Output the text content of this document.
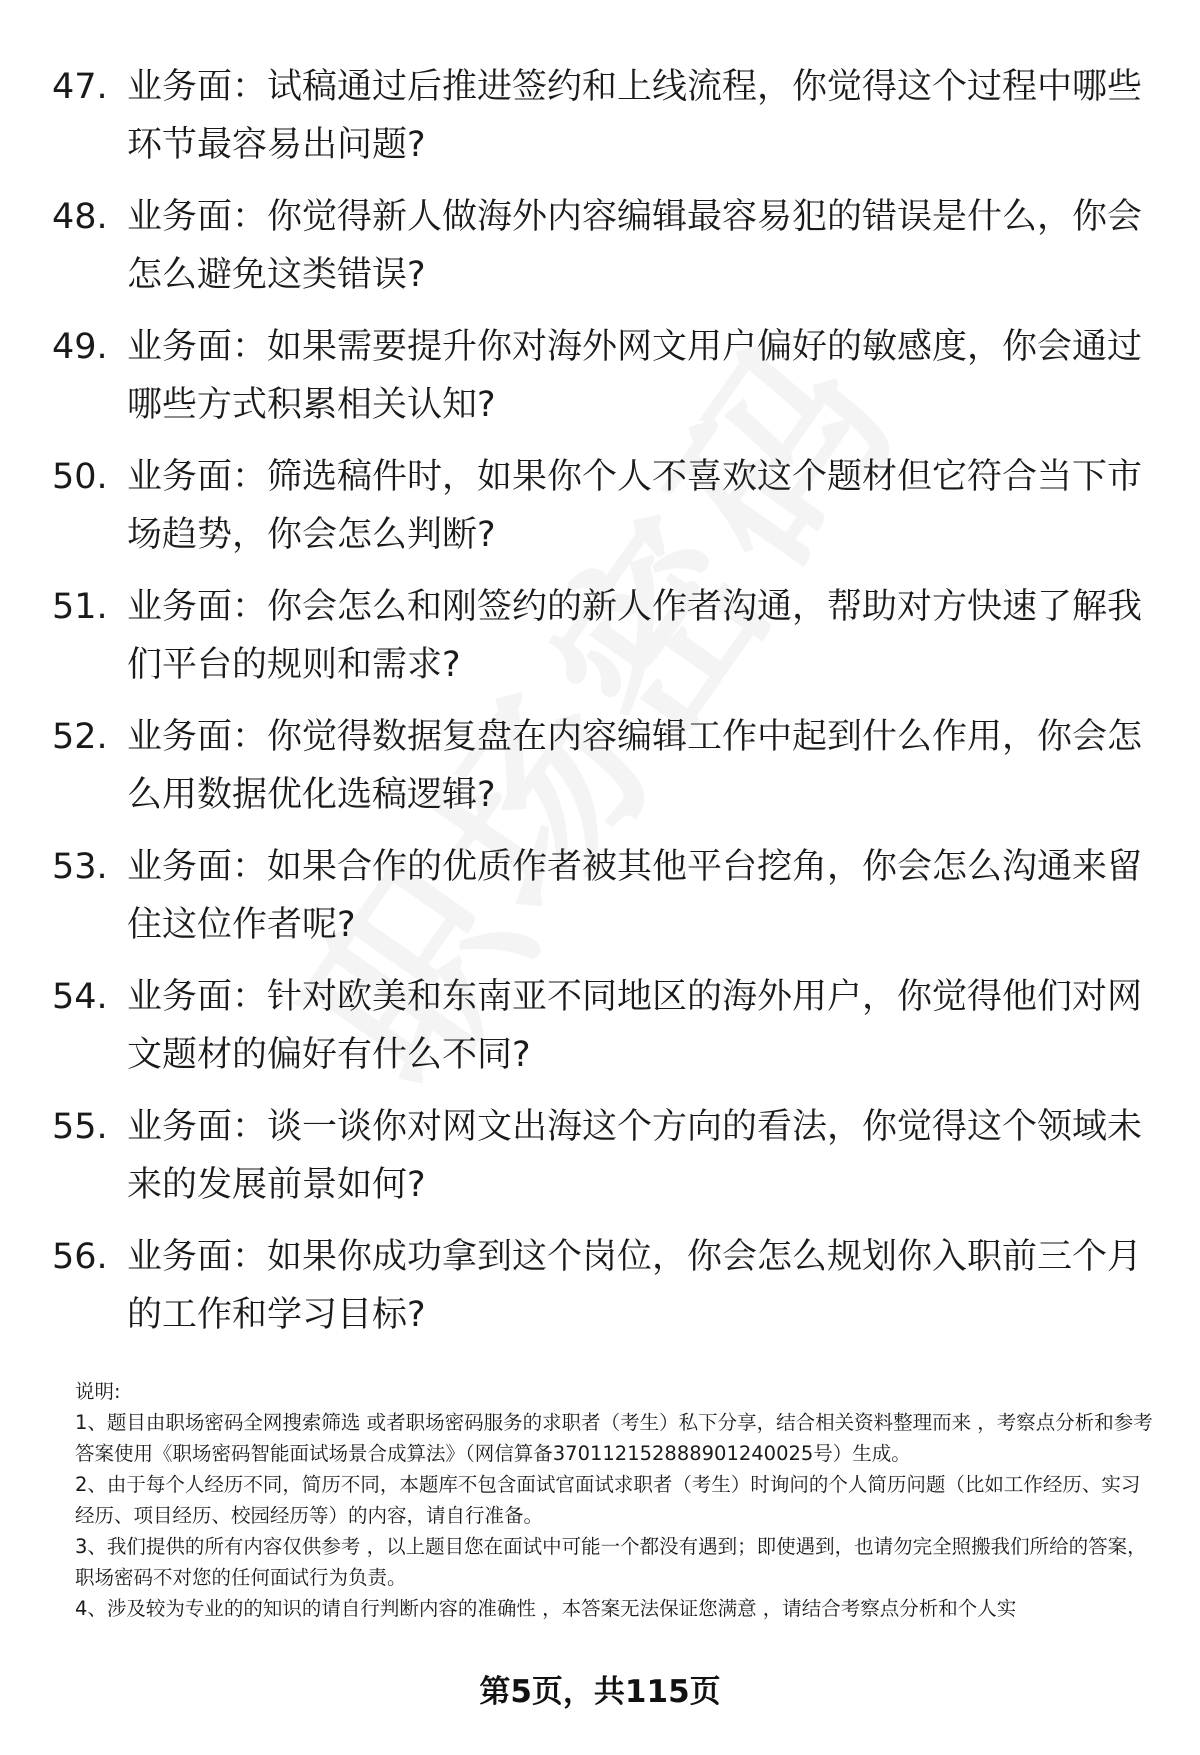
47. 业务面：试稿通过后推进签约和上线流程，你觉得这个过程中哪些环节最容易出问题?
48. 业务面：你觉得新人做海外内容编辑最容易犯的错误是什么，你会怎么避免这类错误?
49. 业务面：如果需要提升你对海外网文用户偏好的敏感度，你会通过哪些方式积累相关认知?
50. 业务面：筛选稿件时，如果你个人不喜欢这个题材但它符合当下市场趋势，你会怎么判断?
51. 业务面：你会怎么和刚签约的新人作者沟通，帮助对方快速了解我们平台的规则和需求?
52. 业务面：你觉得数据复盘在内容编辑工作中起到什么作用，你会怎么用数据优化选稿逻辑?
53. 业务面：如果合作的优质作者被其他平台挖角，你会怎么沟通来留住这位作者呢?
54. 业务面：针对欧美和东南亚不同地区的海外用户，你觉得他们对网文题材的偏好有什么不同?
55. 业务面：谈一谈你对网文出海这个方向的看法，你觉得这个领域未来的发展前景如何?
56. 业务面：如果你成功拿到这个岗位，你会怎么规划你入职前三个月的工作和学习目标?

说明:

1、题目由职场密码全网搜索筛选 或者职场密码服务的求职者（考生）私下分享，结合相关资料整理而来 ，考察点分析和参考答案使用《职场密码智能面试场景合成算法》（网信算备370112152888901240025号）生成。

2、由于每个人经历不同，简历不同，本题库不包含面试官面试求职者（考生）时询问的个人简历问题（比如工作经历、实习经历、项目经历、校园经历等）的内容，请自行准备。

3、我们提供的所有内容仅供参考 ，以上题目您在面试中可能一个都没有遇到；即使遇到，也请勿完全照搬我们所给的答案，职场密码不对您的任何面试行为负责。

4、涉及较为专业的的知识的请自行判断内容的准确性 ，本答案无法保证您满意 ，请结合考察点分析和个人实

第5页，共115页
